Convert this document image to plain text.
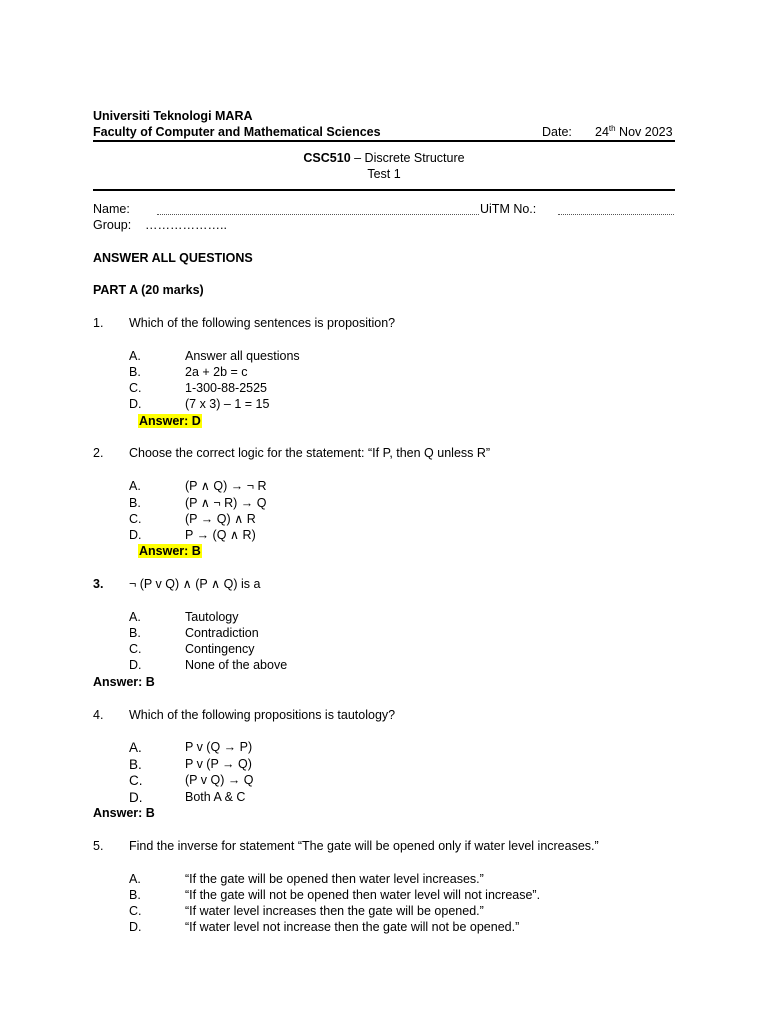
Universiti Teknologi MARA
Faculty of Computer and Mathematical Sciences	Date: 24th Nov 2023
CSC510 – Discrete Structure
Test 1
Name:	UiTM No.:
Group: ………………..
ANSWER ALL QUESTIONS
PART A (20 marks)
1. Which of the following sentences is proposition?
A.	Answer all questions
B.	2a + 2b = c
C.	1-300-88-2525
D.	(7 x 3) – 1 = 15
Answer: D
2. Choose the correct logic for the statement: “If P, then Q unless R”
A.	(P ∧ Q) → ¬ R
B.	(P ∧ ¬ R) → Q
C.	(P → Q) ∧ R
D.	P → (Q ∧ R)
Answer: B
3. ¬ (P v Q) ∧ (P ∧ Q) is a
A.	Tautology
B.	Contradiction
C.	Contingency
D.	None of the above
Answer: B
4. Which of the following propositions is tautology?
A.	P v (Q → P)
B.	P v (P → Q)
C.	(P v Q) → Q
D.	Both A & C
Answer: B
5. Find the inverse for statement “The gate will be opened only if water level increases.”
A.	“If the gate will be opened then water level increases.”
B.	“If the gate will not be opened then water level will not increase”.
C.	“If water level increases then the gate will be opened.”
D.	“If water level not increase then the gate will not be opened.”
